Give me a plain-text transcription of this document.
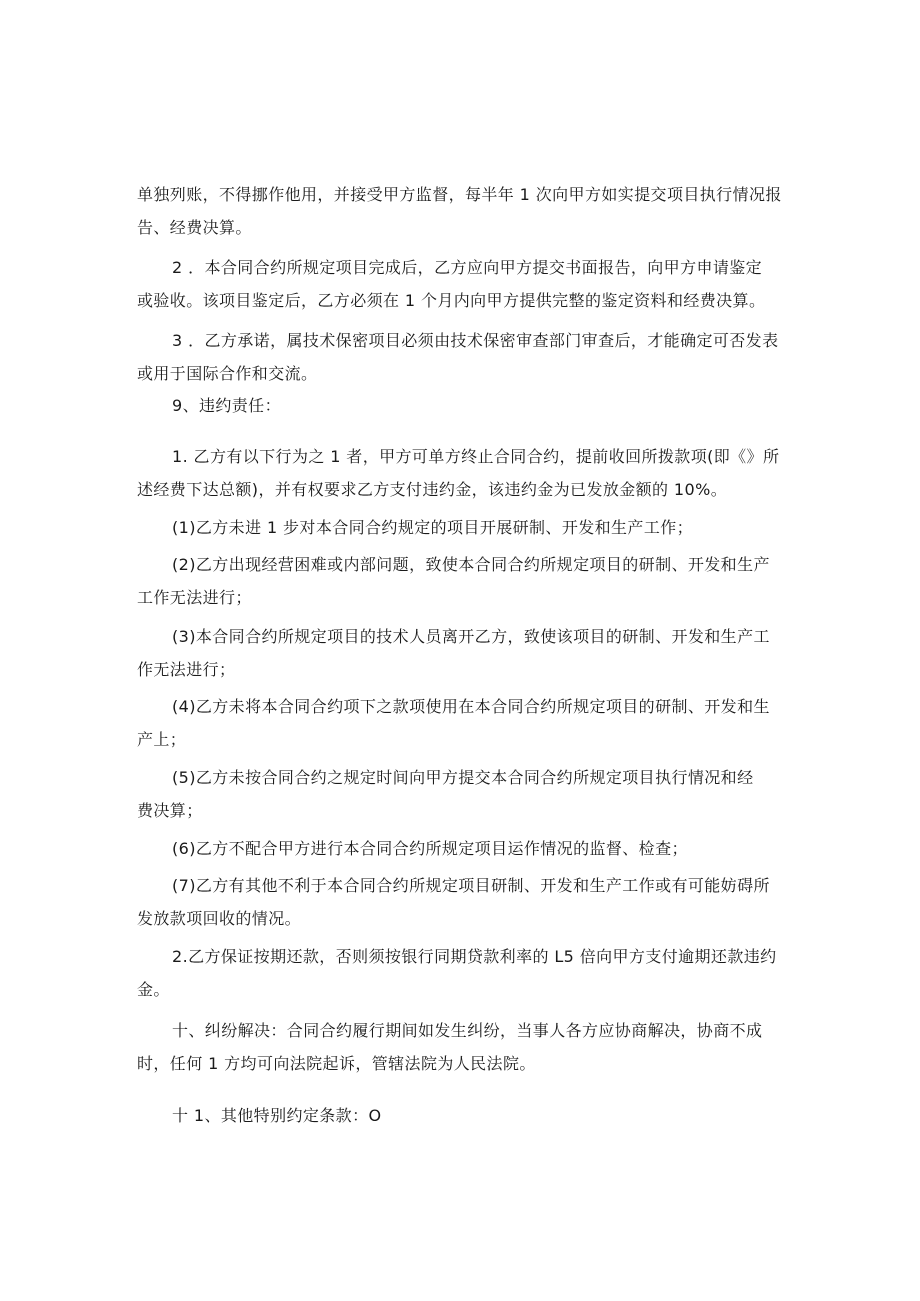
单独列账，不得挪作他用，并接受甲方监督，每半年 1 次向甲方如实提交项目执行情况报
告、经费决算。

2 ．本合同合约所规定项目完成后，乙方应向甲方提交书面报告，向甲方申请鉴定
或验收。该项目鉴定后，乙方必须在 1 个月内向甲方提供完整的鉴定资料和经费决算。

3 ．乙方承诺，属技术保密项目必须由技术保密审查部门审查后，才能确定可否发表
或用于国际合作和交流。

9、违约责任：

1. 乙方有以下行为之 1 者，甲方可单方终止合同合约，提前收回所拨款项(即《》所
述经费下达总额)，并有权要求乙方支付违约金，该违约金为已发放金额的 10%。

(1)乙方未进 1 步对本合同合约规定的项目开展研制、开发和生产工作；

(2)乙方出现经营困难或内部问题，致使本合同合约所规定项目的研制、开发和生产
工作无法进行；

(3)本合同合约所规定项目的技术人员离开乙方，致使该项目的研制、开发和生产工
作无法进行；

(4)乙方未将本合同合约项下之款项使用在本合同合约所规定项目的研制、开发和生
产上；

(5)乙方未按合同合约之规定时间向甲方提交本合同合约所规定项目执行情况和经
费决算；

(6)乙方不配合甲方进行本合同合约所规定项目运作情况的监督、检查；

(7)乙方有其他不利于本合同合约所规定项目研制、开发和生产工作或有可能妨碍所
发放款项回收的情况。

2.乙方保证按期还款，否则须按银行同期贷款利率的 L5 倍向甲方支付逾期还款违约
金。

十、纠纷解决：合同合约履行期间如发生纠纷，当事人各方应协商解决，协商不成
时，任何 1 方均可向法院起诉，管辖法院为人民法院。

十 1、其他特别约定条款：O
